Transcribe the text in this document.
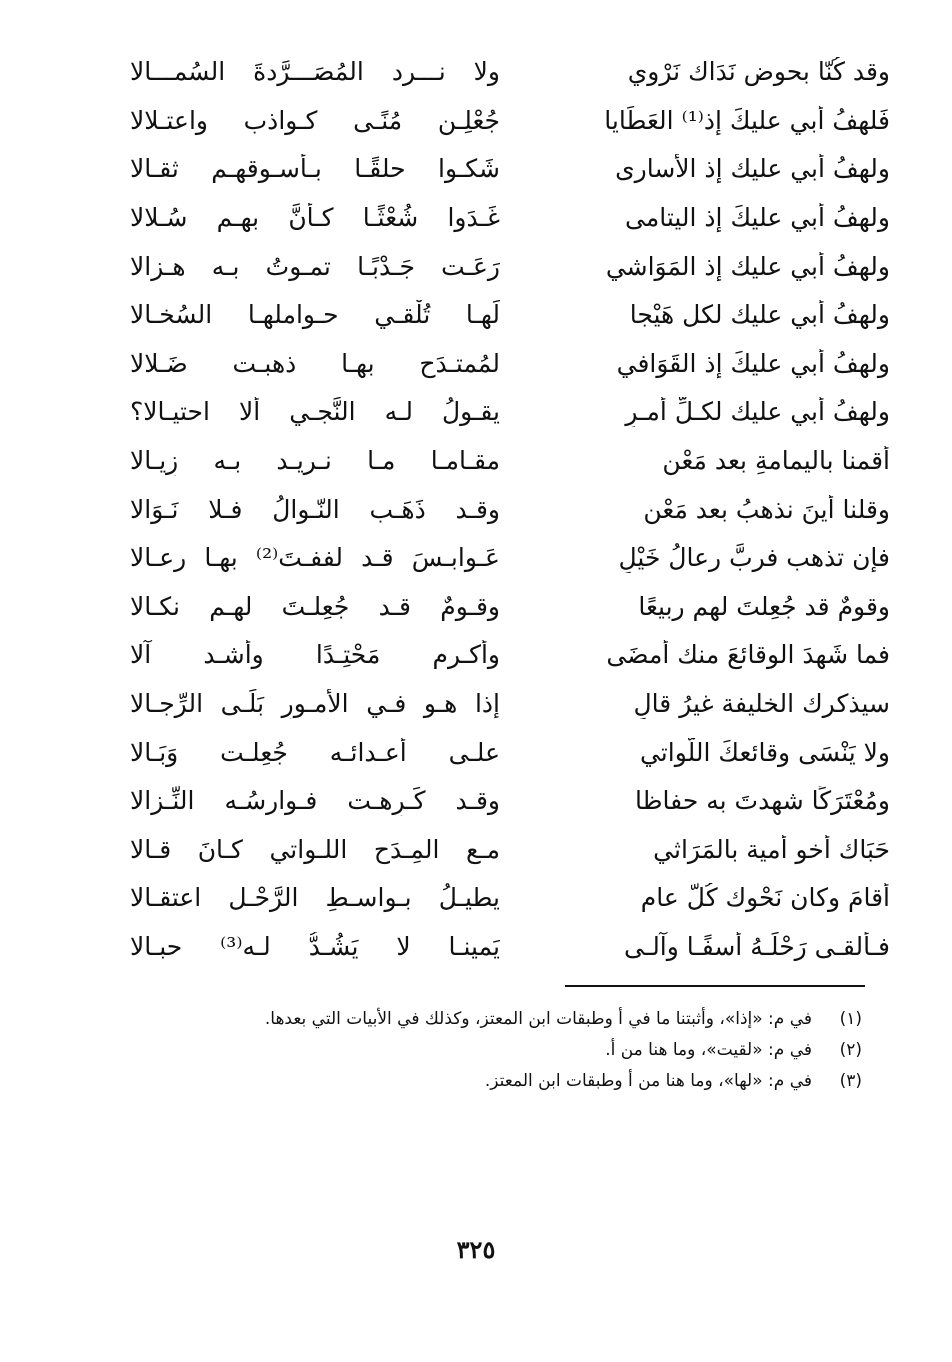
وقد كُنّا بحوض نَدَاك نَرْوي
ولا نـــرد المُصَـــرَّدةَ السُمـــالا
فَلهفُ أبي عليكَ إذ⁽¹⁾ العَطَايا
جُعْلِـن مُنًـى كـواذب واعتـلالا
ولهفُ أبي عليك إذ الأسارى
شَكـوا حلقًـا بـأسـوقهـم ثقـالا
ولهفُ أبي عليكَ إذ اليتامى
غَـدَوا شُعْثًـا كـأنَّ بهـم سُـلالا
ولهفُ أبي عليك إذ المَوَاشي
رَعَـت جَـدْبًـا تمـوتُ بـه هـزالا
ولهفُ أبي عليك لكل هَيْجا
لَهـا تُلْقـي حـواملهـا السُخـالا
ولهفُ أبي عليكَ إذ القَوَافي
لمُمتـدَح بهـا ذهبـت ضَـلالا
ولهفُ أبي عليك لكـلِّ أمـرٍ
يقـولُ لـه النَّجـي ألا احتيـالا؟
أقمنا باليمامةِ بعد مَعْنٍ
مقـامـا مـا نـريـد بـه زِيـالا
وقلنا أينَ نذهبُ بعد مَعْنٍ
وقـد ذَهَـب النّـوالُ فـلا نَـوَالا
فإن تذهب فربَّ رعالُ خَيْلٍ
عَـوابـسَ قـد لففـتَ⁽²⁾ بهـا رعـالا
وقومٌ قد جُعِلتَ لهم ربيعًا
وقـومٌ قـد جُعِلـتَ لهـم نكـالا
فما شَهِدَ الوقائعَ منك أمضَى
وأكـرم مَحْتِـدًا وأشـد آلا
سيذكرك الخليفة غيرُ قالٍ
إذا هـو فـي الأمـورِ بَلَـى الرِّجـالا
ولا يَنْسَى وقائعكَ اللَّواتي
علـى أعـدائـه جُعِلـت وَبَـالا
ومُعْتَرَكًا شهدتَ به حفاظا
وقـد كَـرِهـت فـوارسُـه النِّـزالا
حَبَاك أخو أمية بالمَرَاثي
مـع المِـدَحِ اللـواتي كـانَ قـالا
أقامَ وكان نَحْوك كُلَّ عامٍ
يطيـلُ بـواسـطِ الرَّحْـل اعتقـالا
فـألقـى رَحْلَـهُ أسفًـا وآلـى
يَمينـا لا يَشُـدُّ لـه⁽³⁾ حبـالا
(١)
في م: «إذا»، وأثبتنا ما في أ وطبقات ابن المعتز، وكذلك في الأبيات التي بعدها.
(٢)
في م: «لقيت»، وما هنا من أ.
(٣)
في م: «لها»، وما هنا من أ وطبقات ابن المعتز.
٣٢٥
